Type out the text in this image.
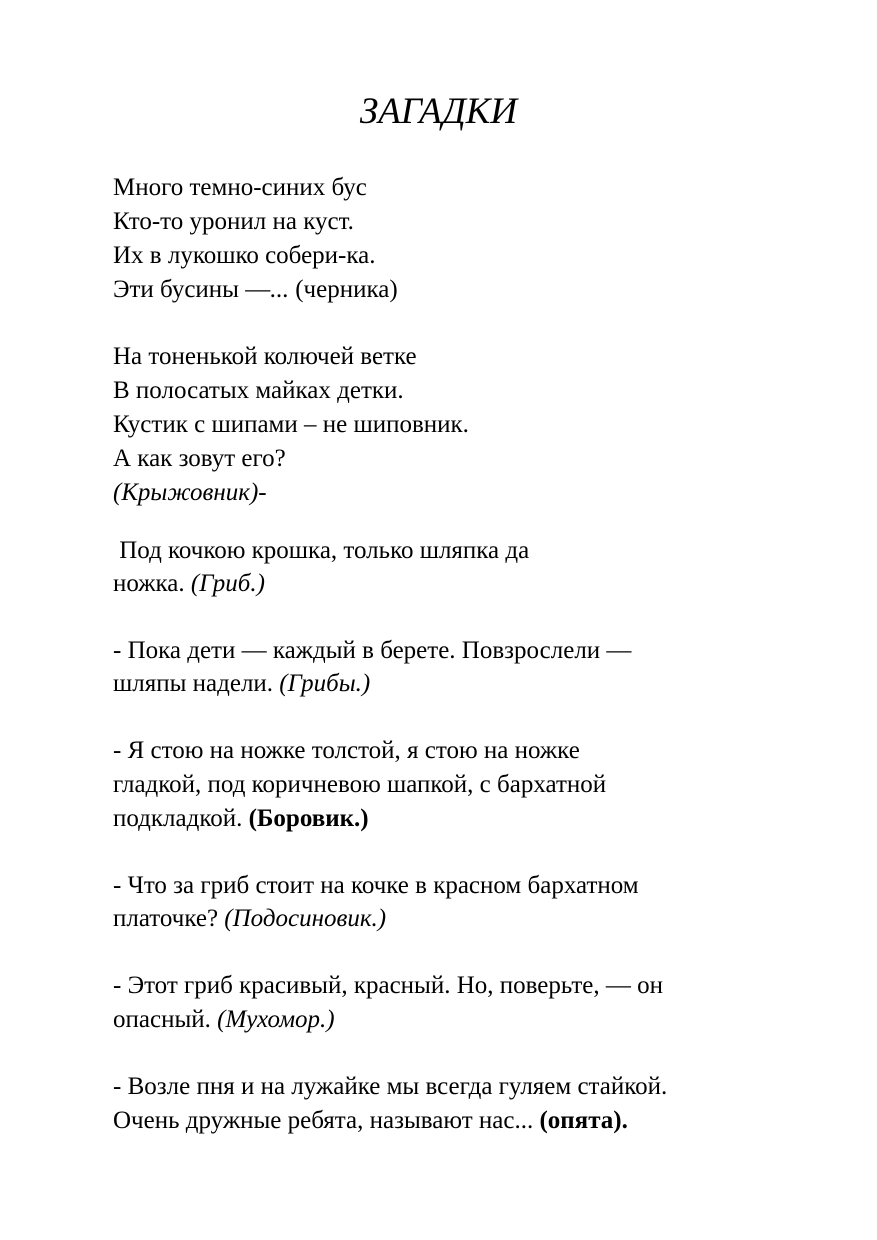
ЗАГАДКИ
Много темно-синих бус
Кто-то уронил на куст.
Их в лукошко собери-ка.
Эти бусины —... (черника)
На тоненькой колючей ветке
В полосатых майках детки.
Кустик с шипами – не шиповник.
А как зовут его?
(Крыжовник)-
Под кочкою крошка, только шляпка да
ножка. (Гриб.)
- Пока дети — каждый в берете. Повзрослели —
шляпы надели. (Грибы.)
- Я стою на ножке толстой, я стою на ножке
гладкой, под коричневою шапкой, с бархатной
подкладкой. (Боровик.)
- Что за гриб стоит на кочке в красном бархатном
платочке? (Подосиновик.)
- Этот гриб красивый, красный. Но, поверьте, — он
опасный. (Мухомор.)
- Возле пня и на лужайке мы всегда гуляем стайкой.
Очень дружные ребята, называют нас... (опята).
